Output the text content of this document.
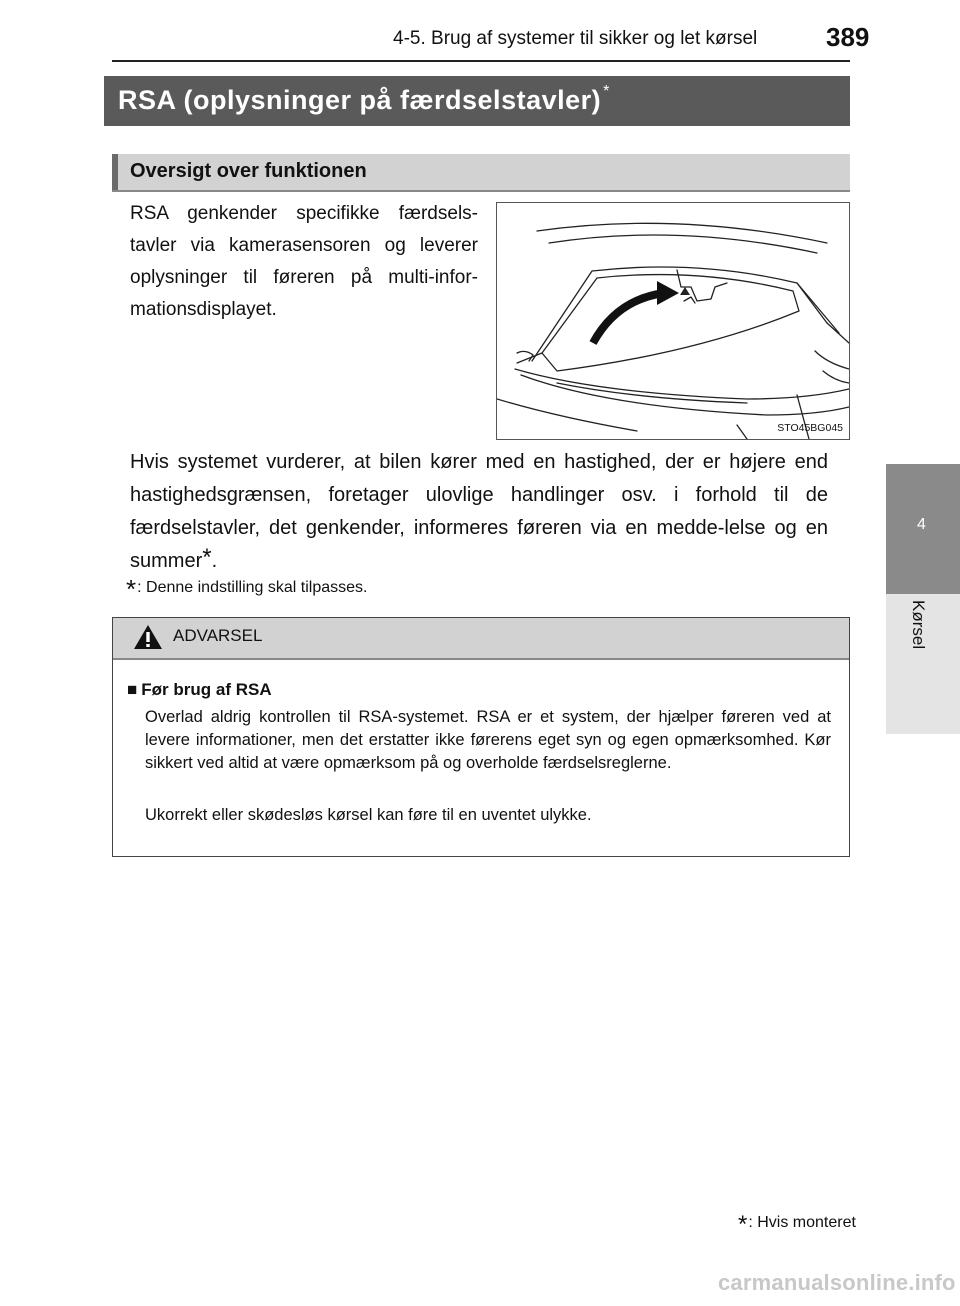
4-5. Brug af systemer til sikker og let kørsel	389
RSA (oplysninger på færdselstavler) *
Oversigt over funktionen
RSA genkender specifikke færdsels-tavler via kamerasensoren og leverer oplysninger til føreren på multi-infor-mationsdisplayet.
STO45BG045
Hvis systemet vurderer, at bilen kører med en hastighed, der er højere end hastighedsgrænsen, foretager ulovlige handlinger osv. i forhold til de færdselstavler, det genkender, informeres føreren via en medde-lelse og en summer*.
*: Denne indstilling skal tilpasses.
ADVARSEL
■ Før brug af RSA
Overlad aldrig kontrollen til RSA-systemet. RSA er et system, der hjælper føreren ved at levere informationer, men det erstatter ikke førerens eget syn og egen opmærksomhed. Kør sikkert ved altid at være opmærksom på og overholde færdselsreglerne.
Ukorrekt eller skødesløs kørsel kan føre til en uventet ulykke.
4
Kørsel
*: Hvis monteret
carmanualsonline.info
